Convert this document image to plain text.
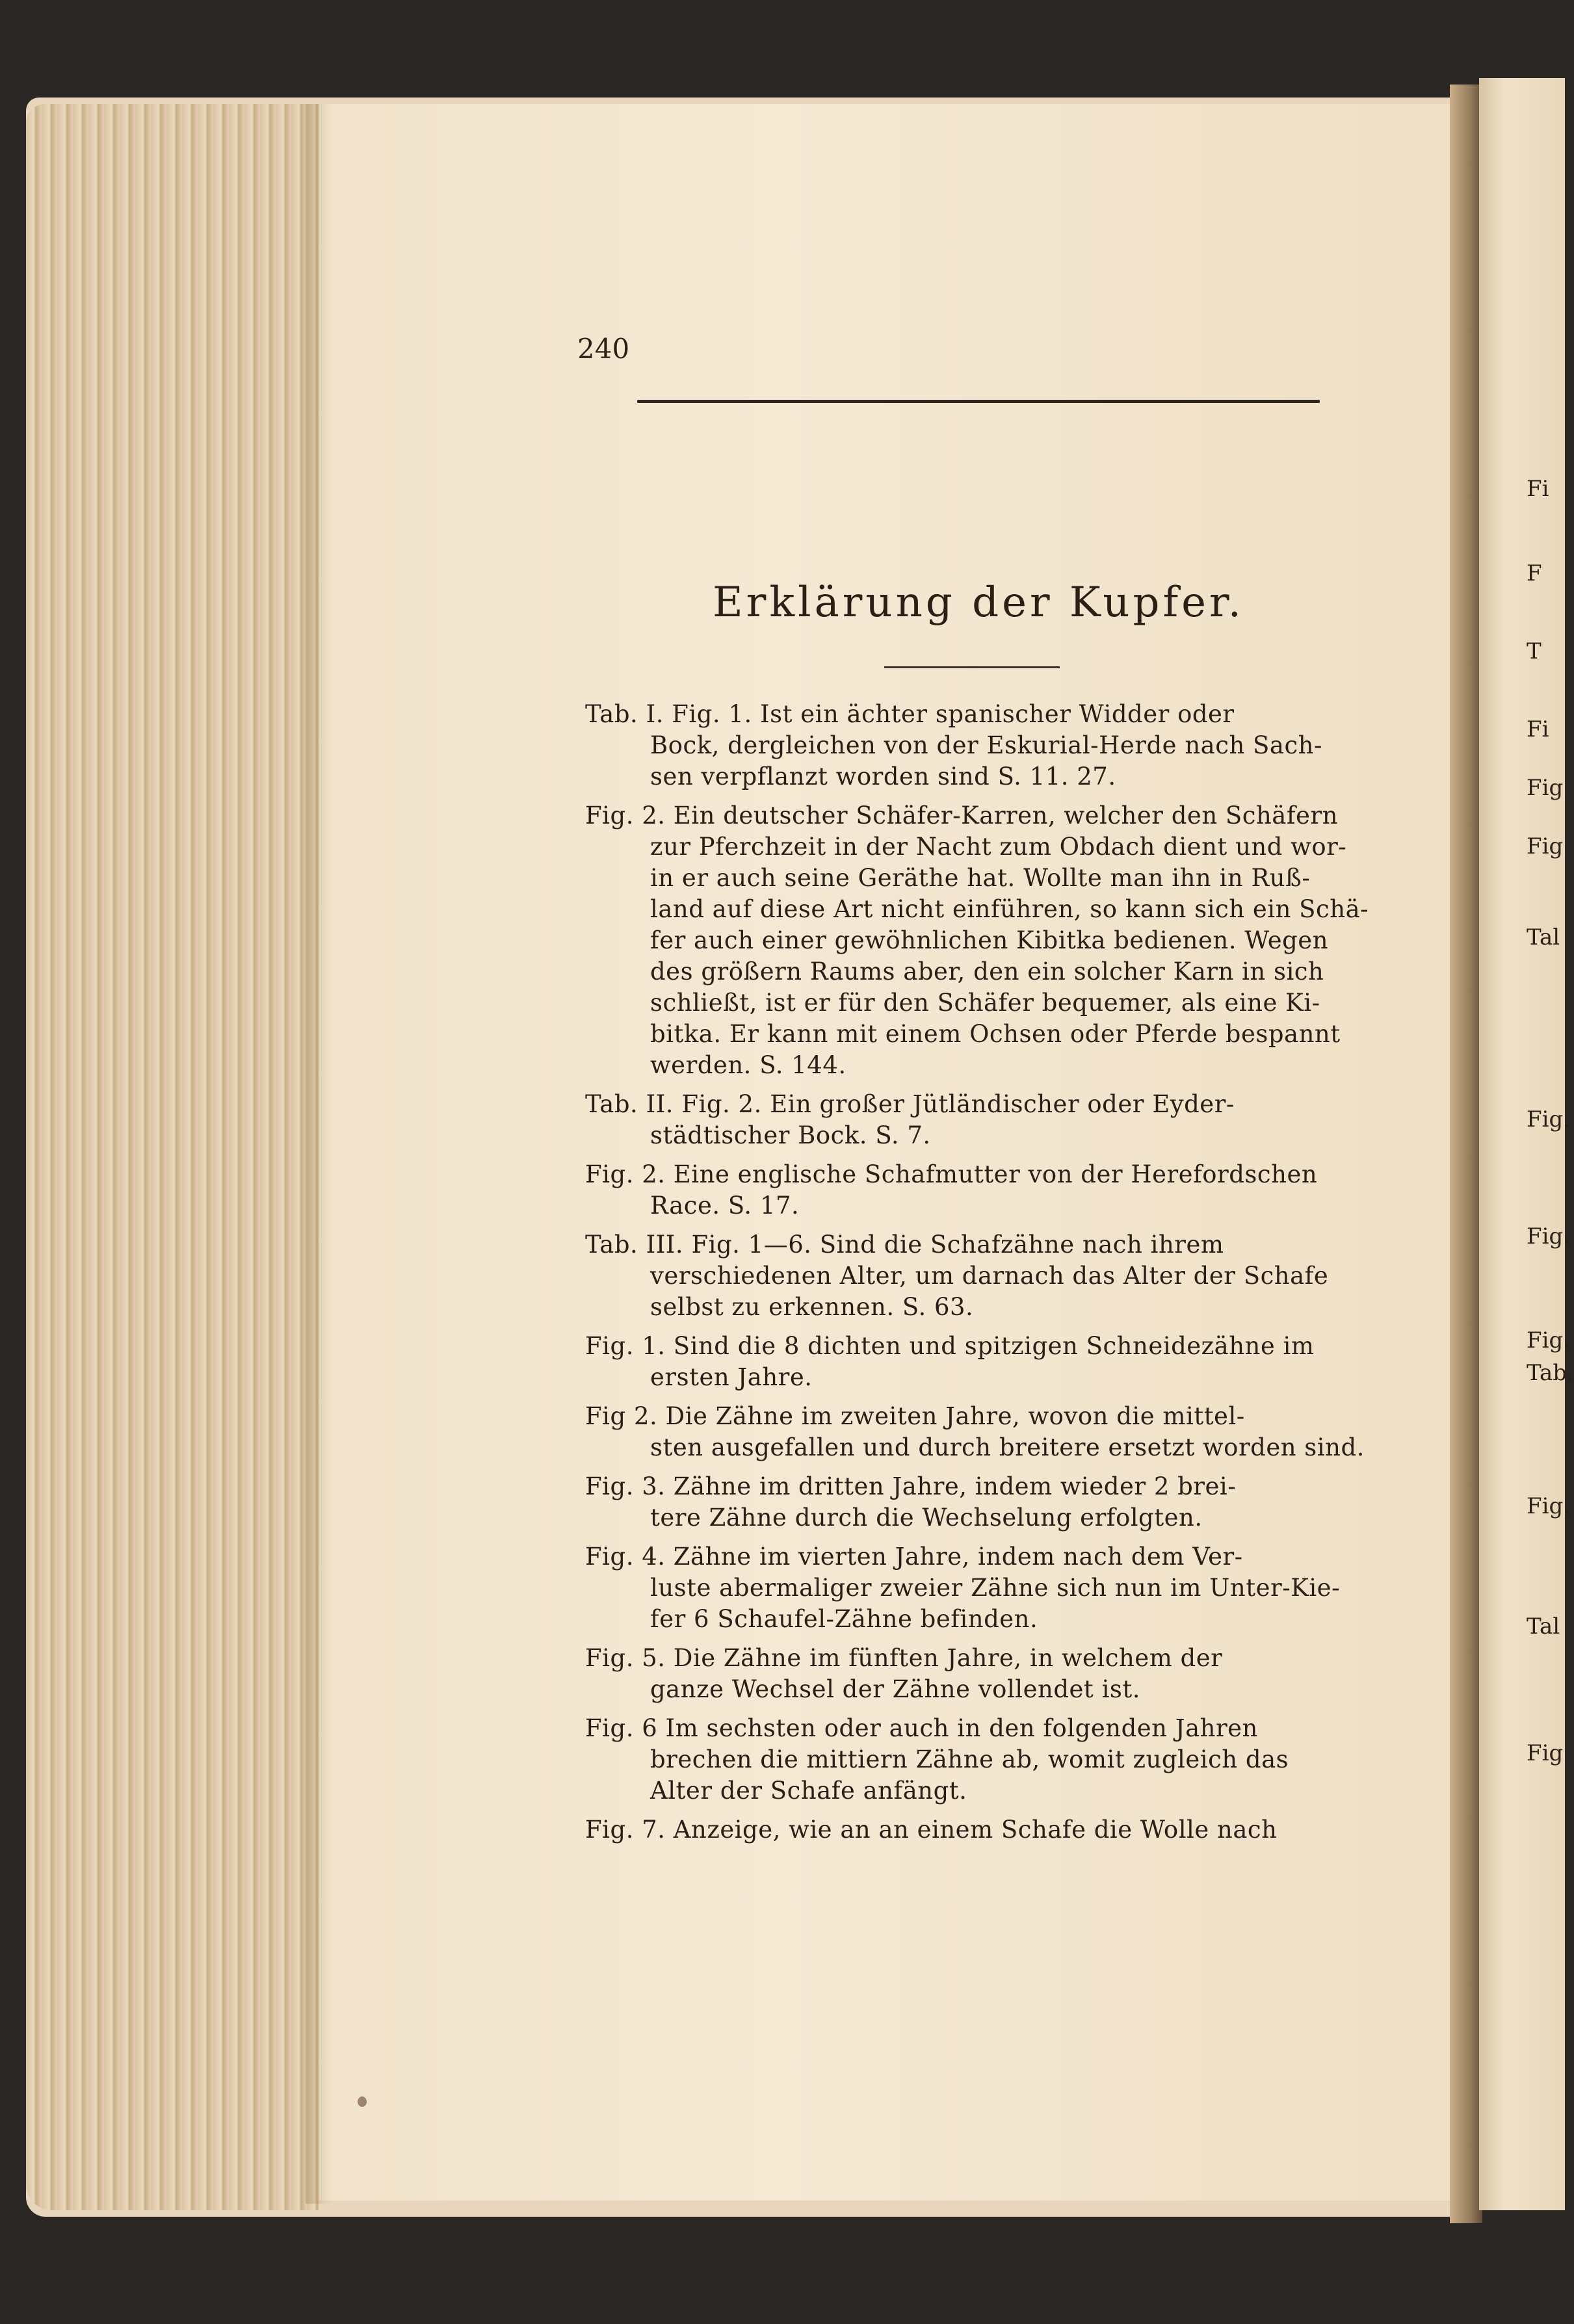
Fi
F
T
Fi
Fig
Fig
Tal
Fig.
Fig.
Fig.
Tab.
Fig.
Tal
Fig
240
Erklärung der Kupfer.
Tab. I. Fig. 1. Ist ein ächter spanischer Widder oder
Bock, dergleichen von der Eskurial-Herde nach Sach-
sen verpflanzt worden sind S. 11. 27.
Fig. 2. Ein deutscher Schäfer-Karren, welcher den Schäfern
zur Pferchzeit in der Nacht zum Obdach dient und wor-
in er auch seine Geräthe hat. Wollte man ihn in Ruß-
land auf diese Art nicht einführen, so kann sich ein Schä-
fer auch einer gewöhnlichen Kibitka bedienen. Wegen
des größern Raums aber, den ein solcher Karn in sich
schließt, ist er für den Schäfer bequemer, als eine Ki-
bitka. Er kann mit einem Ochsen oder Pferde bespannt
werden. S. 144.
Tab. II. Fig. 2. Ein großer Jütländischer oder Eyder-
städtischer Bock. S. 7.
Fig. 2. Eine englische Schafmutter von der Herefordschen
Race. S. 17.
Tab. III. Fig. 1—6. Sind die Schafzähne nach ihrem
verschiedenen Alter, um darnach das Alter der Schafe
selbst zu erkennen. S. 63.
Fig. 1. Sind die 8 dichten und spitzigen Schneidezähne im
ersten Jahre.
Fig 2. Die Zähne im zweiten Jahre, wovon die mittel-
sten ausgefallen und durch breitere ersetzt worden sind.
Fig. 3. Zähne im dritten Jahre, indem wieder 2 brei-
tere Zähne durch die Wechselung erfolgten.
Fig. 4. Zähne im vierten Jahre, indem nach dem Ver-
luste abermaliger zweier Zähne sich nun im Unter-Kie-
fer 6 Schaufel-Zähne befinden.
Fig. 5. Die Zähne im fünften Jahre, in welchem der
ganze Wechsel der Zähne vollendet ist.
Fig. 6 Im sechsten oder auch in den folgenden Jahren
brechen die mittiern Zähne ab, womit zugleich das
Alter der Schafe anfängt.
Fig. 7. Anzeige, wie an an einem Schafe die Wolle nach
